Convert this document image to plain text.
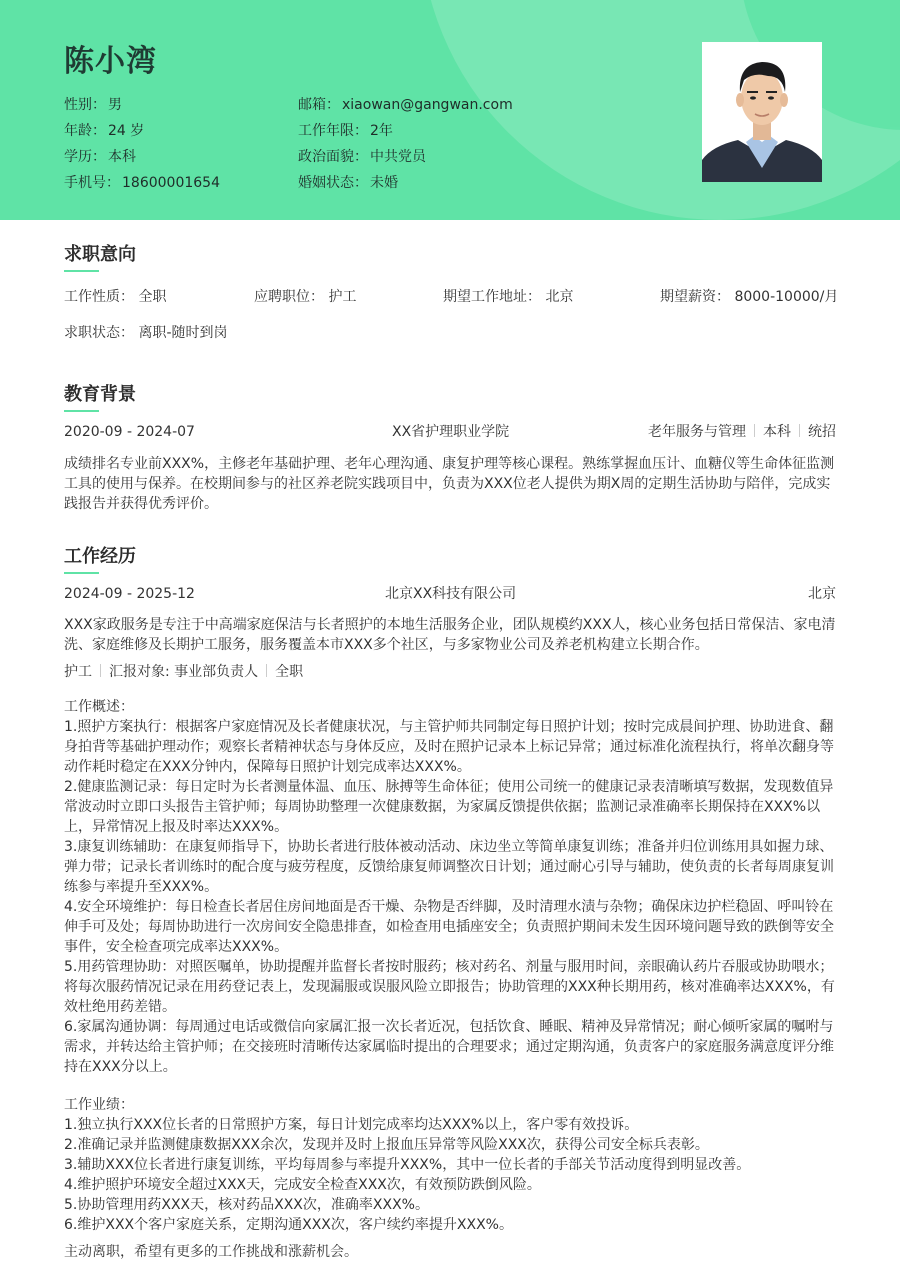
陈小湾
性别： 男
年龄： 24 岁
学历： 本科
手机号： 18600001654
邮箱： xiaowan@gangwan.com
工作年限： 2年
政治面貌： 中共党员
婚姻状态： 未婚
求职意向
工作性质： 全职	应聘职位： 护工	期望工作地址： 北京	期望薪资： 8000-10000/月
求职状态： 离职-随时到岗
教育背景
2020-09 - 2024-07	XX省护理职业学院	老年服务与管理 本科 统招
成绩排名专业前XXX%，主修老年基础护理、老年心理沟通、康复护理等核心课程。熟练掌握血压计、血糖仪等生命体征监测工具的使用与保养。在校期间参与的社区养老院实践项目中，负责为XXX位老人提供为期X周的定期生活协助与陪伴，完成实践报告并获得优秀评价。
工作经历
2024-09 - 2025-12	北京XX科技有限公司	北京
XXX家政服务是专注于中高端家庭保洁与长者照护的本地生活服务企业，团队规模约XXX人，核心业务包括日常保洁、家电清洗、家庭维修及长期护工服务，服务覆盖本市XXX多个社区，与多家物业公司及养老机构建立长期合作。
护工 汇报对象: 事业部负责人 全职
工作概述：
1.照护方案执行：根据客户家庭情况及长者健康状况，与主管护师共同制定每日照护计划；按时完成晨间护理、协助进食、翻身拍背等基础护理动作；观察长者精神状态与身体反应，及时在照护记录本上标记异常；通过标准化流程执行，将单次翻身等动作耗时稳定在XXX分钟内，保障每日照护计划完成率达XXX%。
2.健康监测记录：每日定时为长者测量体温、血压、脉搏等生命体征；使用公司统一的健康记录表清晰填写数据，发现数值异常波动时立即口头报告主管护师；每周协助整理一次健康数据，为家属反馈提供依据；监测记录准确率长期保持在XXX%以上，异常情况上报及时率达XXX%。
3.康复训练辅助：在康复师指导下，协助长者进行肢体被动活动、床边坐立等简单康复训练；准备并归位训练用具如握力球、弹力带；记录长者训练时的配合度与疲劳程度，反馈给康复师调整次日计划；通过耐心引导与辅助，使负责的长者每周康复训练参与率提升至XXX%。
4.安全环境维护：每日检查长者居住房间地面是否干燥、杂物是否绊脚，及时清理水渍与杂物；确保床边护栏稳固、呼叫铃在伸手可及处；每周协助进行一次房间安全隐患排查，如检查用电插座安全；负责照护期间未发生因环境问题导致的跌倒等安全事件，安全检查项完成率达XXX%。
5.用药管理协助：对照医嘱单，协助提醒并监督长者按时服药；核对药名、剂量与服用时间，亲眼确认药片吞服或协助喂水；将每次服药情况记录在用药登记表上，发现漏服或误服风险立即报告；协助管理的XXX种长期用药，核对准确率达XXX%，有效杜绝用药差错。
6.家属沟通协调：每周通过电话或微信向家属汇报一次长者近况，包括饮食、睡眠、精神及异常情况；耐心倾听家属的嘱咐与需求，并转达给主管护师；在交接班时清晰传达家属临时提出的合理要求；通过定期沟通，负责客户的家庭服务满意度评分维持在XXX分以上。
工作业绩：
1.独立执行XXX位长者的日常照护方案，每日计划完成率均达XXX%以上，客户零有效投诉。
2.准确记录并监测健康数据XXX余次，发现并及时上报血压异常等风险XXX次，获得公司安全标兵表彰。
3.辅助XXX位长者进行康复训练，平均每周参与率提升XXX%，其中一位长者的手部关节活动度得到明显改善。
4.维护照护环境安全超过XXX天，完成安全检查XXX次，有效预防跌倒风险。
5.协助管理用药XXX天，核对药品XXX次，准确率XXX%。
6.维护XXX个客户家庭关系，定期沟通XXX次，客户续约率提升XXX%。
主动离职，希望有更多的工作挑战和涨薪机会。
